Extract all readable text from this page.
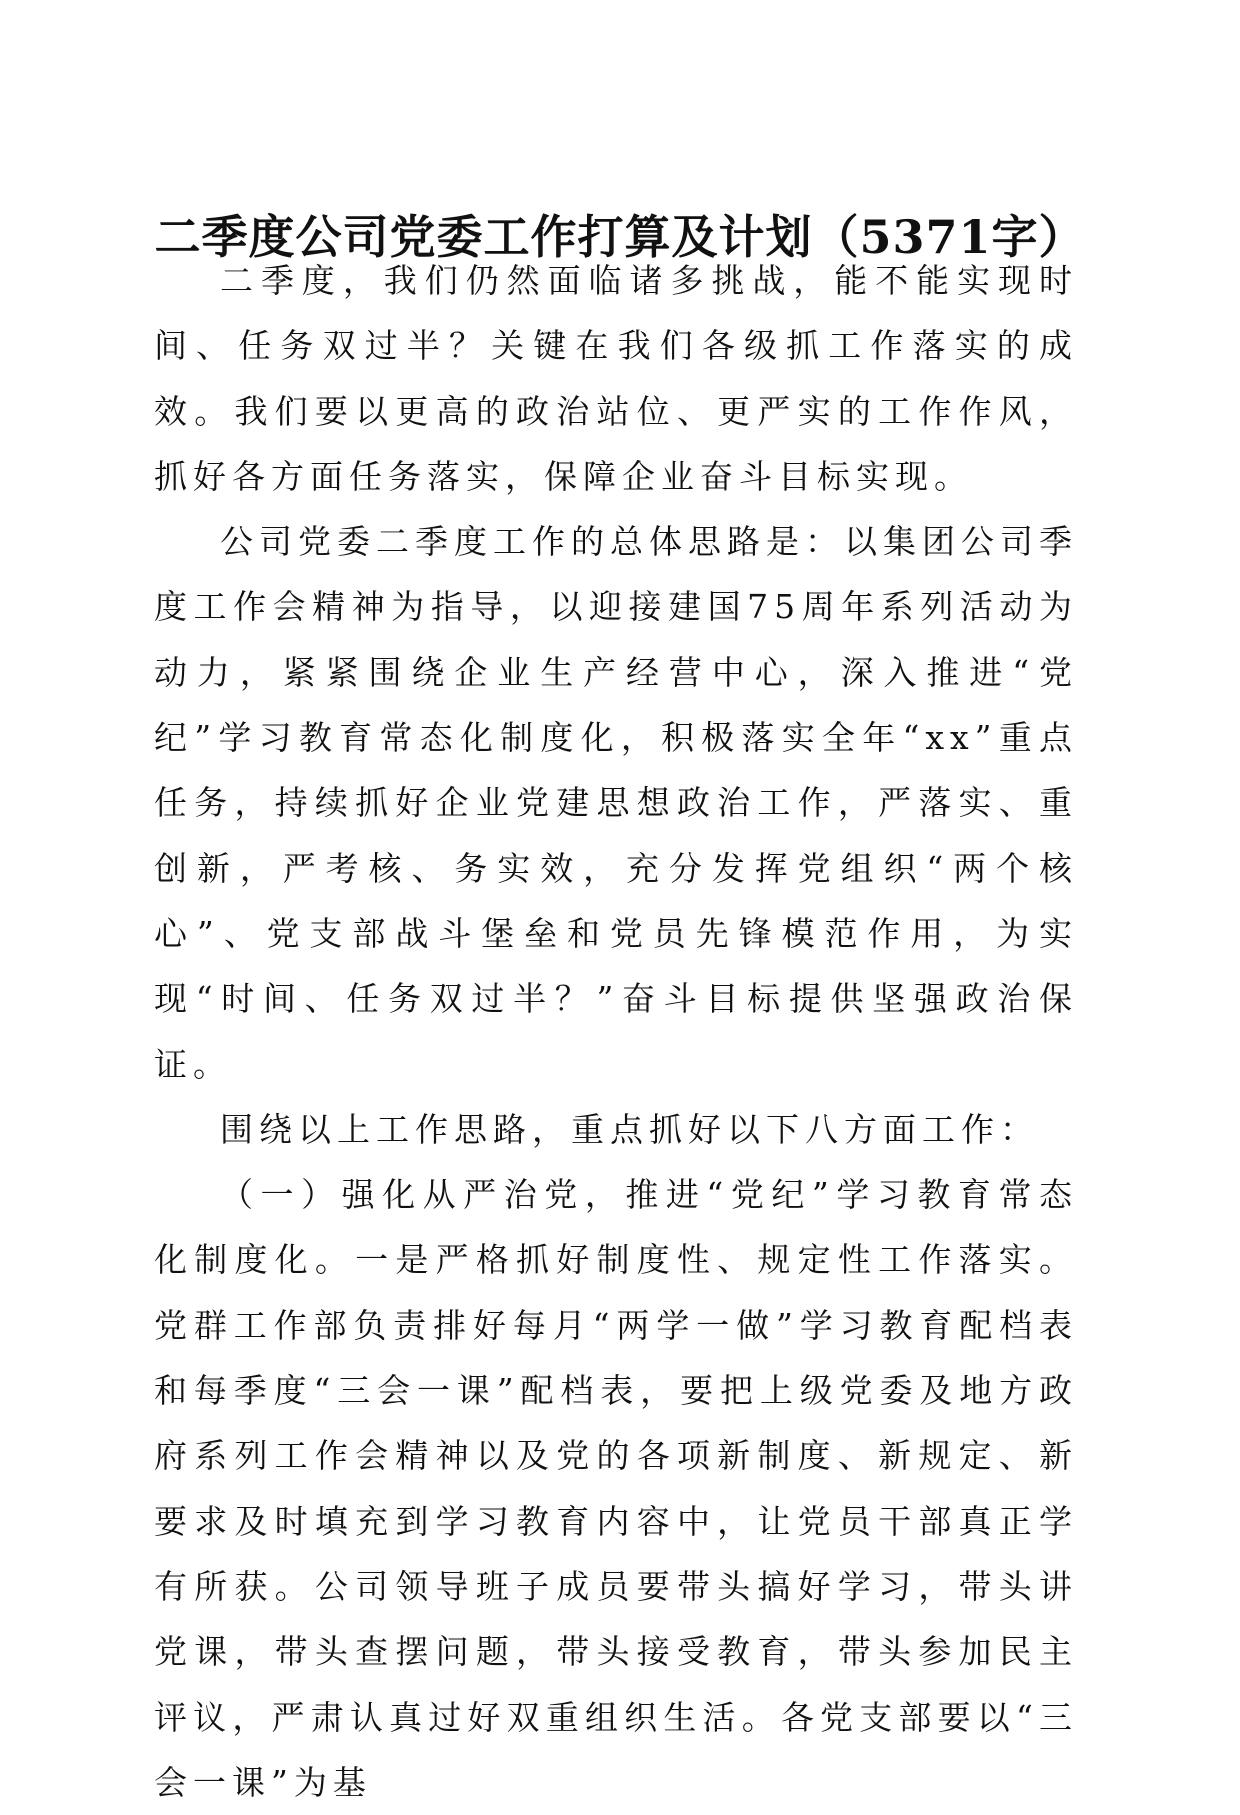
二季度公司党委工作打算及计划（5371字）

二季度，我们仍然面临诸多挑战，能不能实现时间、任务双过半？关键在我们各级抓工作落实的成效。我们要以更高的政治站位、更严实的工作作风，抓好各方面任务落实，保障企业奋斗目标实现。

公司党委二季度工作的总体思路是：以集团公司季度工作会精神为指导，以迎接建国75周年系列活动为动力，紧紧围绕企业生产经营中心，深入推进“党纪”学习教育常态化制度化，积极落实全年“xx”重点任务，持续抓好企业党建思想政治工作，严落实、重创新，严考核、务实效，充分发挥党组织“两个核心”、党支部战斗堡垒和党员先锋模范作用，为实现“时间、任务双过半？”奋斗目标提供坚强政治保证。

围绕以上工作思路，重点抓好以下八方面工作：

（一）强化从严治党，推进“党纪”学习教育常态化制度化。一是严格抓好制度性、规定性工作落实。党群工作部负责排好每月“两学一做”学习教育配档表和每季度“三会一课”配档表，要把上级党委及地方政府系列工作会精神以及党的各项新制度、新规定、新要求及时填充到学习教育内容中，让党员干部真正学有所获。公司领导班子成员要带头搞好学习，带头讲党课，带头查摆问题，带头接受教育，带头参加民主评议，严肃认真过好双重组织生活。各党支部要以“三会一课”为基
